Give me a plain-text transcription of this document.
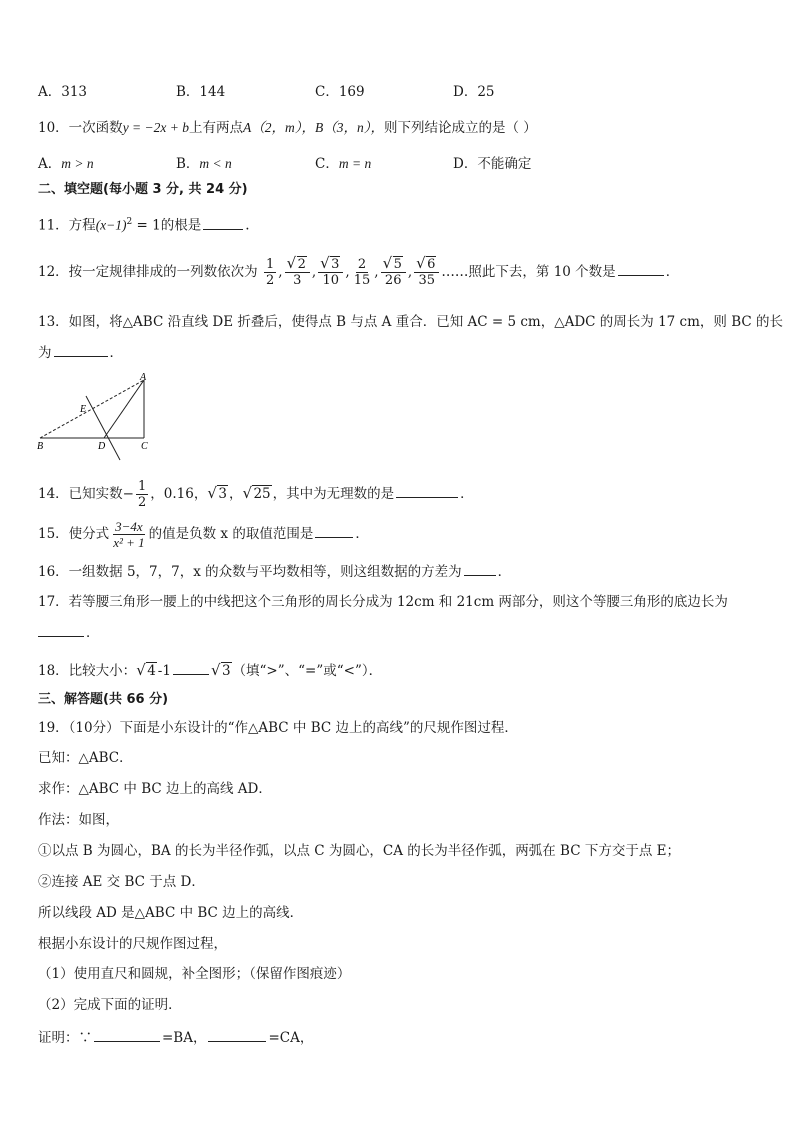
A．313	B．144	C．169	D．25
10．一次函数y = −2x + b上有两点A（2，m），B（3，n），则下列结论成立的是（ ）
A．m > n	B．m < n	C．m = n	D．不能确定
二、填空题(每小题 3 分, 共 24 分)
11．方程$(x-1)^2 = 1$的根是	.
12．按一定规律排成的一列数依次为 $\frac{1}{2}$ , √ $\frac{2}{3}$ , √ $\frac{3}{10}$ , $\frac{2}{15}$ , √ $\frac{5}{26}$ , √ $\frac{6}{35}$ ……照此下去，第 10 个数是	．
13．如图，将△ABC 沿直线 DE 折叠后，使得点 B 与点 A 重合．已知 AC = 5 cm，△ADC 的周长为 17 cm，则 BC 的长
为	．
A
E
B	D	C
14．已知实数− $\frac{1}{2}$ ，0.16， √ 3 ， √ 25 ，其中为无理数的是	．
15．使分式 $\frac{3-4x}{\text{x² + 1}}$ 的值是负数 x 的取值范围是	．
16．一组数据 5，7，7，x 的众数与平均数相等，则这组数据的方差为	．
17．若等腰三角形一腰上的中线把这个三角形的周长分成为 12cm 和 21cm 两部分，则这个等腰三角形的底边长为
．
18．比较大小： √ 4 -1	√ 3 （填“>”、“=”或“<”）．
三、解答题(共 66 分)
19．（10分）下面是小东设计的“作△ABC 中 BC 边上的高线”的尺规作图过程．
已知：△ABC．
求作：△ABC 中 BC 边上的高线 AD．
作法：如图，
①以点 B 为圆心，BA 的长为半径作弧，以点 C 为圆心，CA 的长为半径作弧，两弧在 BC 下方交于点 E；
②连接 AE 交 BC 于点 D．
所以线段 AD 是△ABC 中 BC 边上的高线．
根据小东设计的尺规作图过程，
（1）使用直尺和圆规，补全图形；（保留作图痕迹）
（2）完成下面的证明．
证明：∵	=BA，	=CA，
